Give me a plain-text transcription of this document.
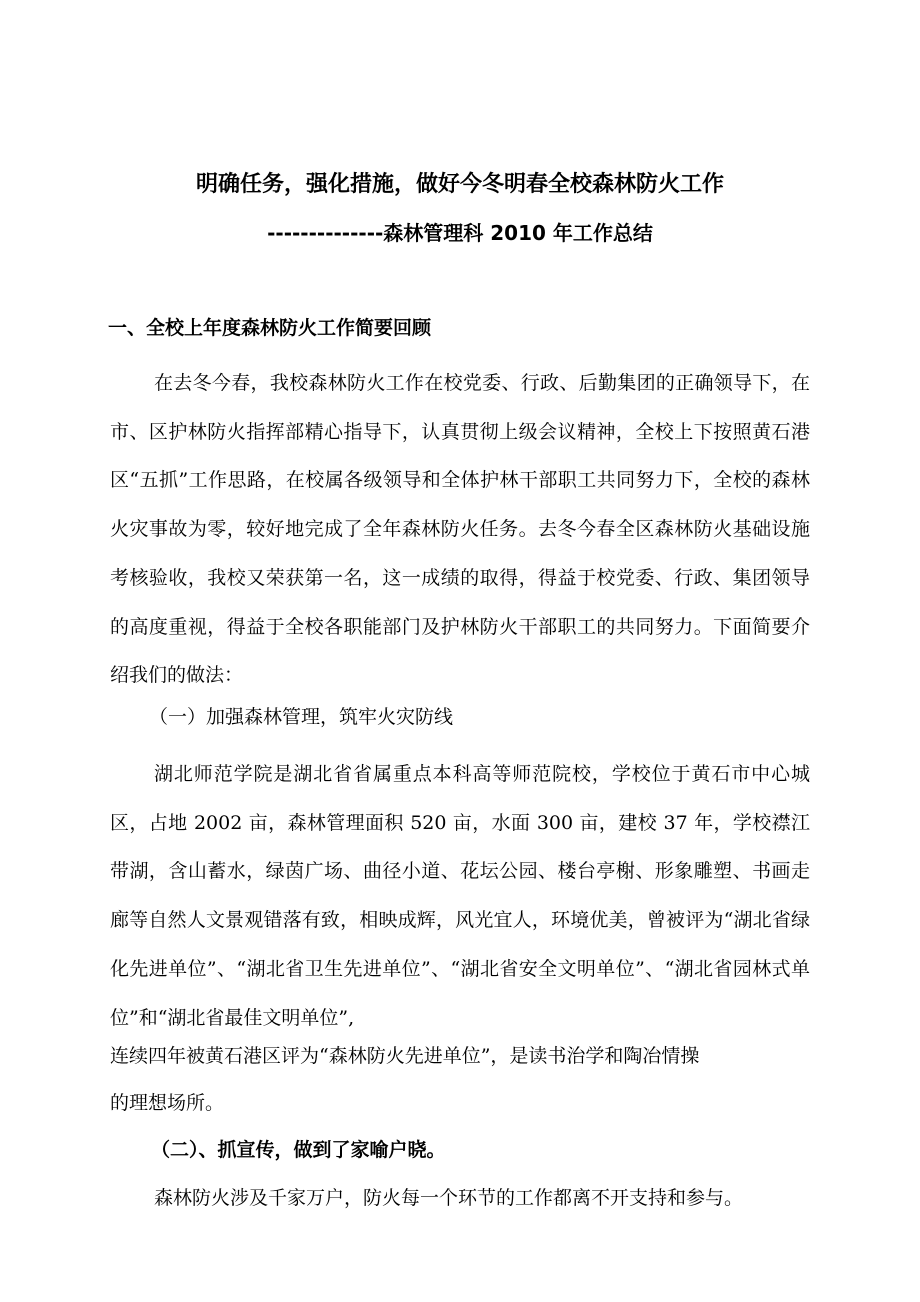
明确任务，强化措施，做好今冬明春全校森林防火工作
--------------森林管理科 2010 年工作总结
一、全校上年度森林防火工作简要回顾
在去冬今春，我校森林防火工作在校党委、行政、后勤集团的正确领导下，在市、区护林防火指挥部精心指导下，认真贯彻上级会议精神，全校上下按照黄石港区“五抓”工作思路，在校属各级领导和全体护林干部职工共同努力下，全校的森林火灾事故为零，较好地完成了全年森林防火任务。去冬今春全区森林防火基础设施考核验收，我校又荣获第一名，这一成绩的取得，得益于校党委、行政、集团领导的高度重视，得益于全校各职能部门及护林防火干部职工的共同努力。下面简要介绍我们的做法：
（一）加强森林管理，筑牢火灾防线
湖北师范学院是湖北省省属重点本科高等师范院校，学校位于黄石市中心城区，占地 2002 亩，森林管理面积 520 亩，水面 300 亩，建校 37 年，学校襟江带湖，含山蓄水，绿茵广场、曲径小道、花坛公园、楼台亭榭、形象雕塑、书画走廊等自然人文景观错落有致，相映成辉，风光宜人，环境优美，曾被评为“湖北省绿化先进单位”、“湖北省卫生先进单位”、“湖北省安全文明单位”、“湖北省园林式单位”和“湖北省最佳文明单位”,
连续四年被黄石港区评为“森林防火先进单位”，是读书治学和陶冶情操
的理想场所。
（二）、抓宣传，做到了家喻户晓。
森林防火涉及千家万户，防火每一个环节的工作都离不开支持和参与。
